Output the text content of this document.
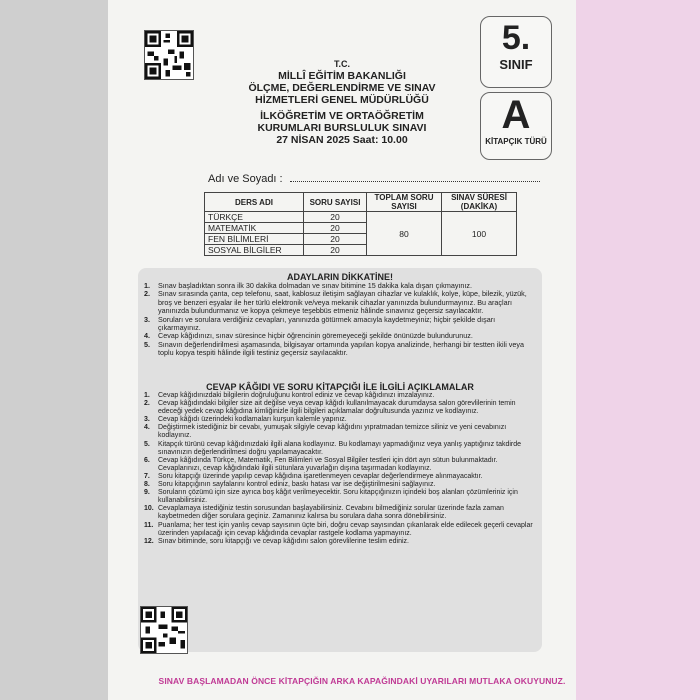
T.C.
MİLLÎ EĞİTİM BAKANLIĞI
ÖLÇME, DEĞERLENDİRME VE SINAV
HİZMETLERİ GENEL MÜDÜRLÜĞÜ
İLKÖĞRETİM VE ORTAÖĞRETİM
KURUMLARI BURSLULUK SINAVI
27 NİSAN 2025 Saat: 10.00
5.
SINIF
A
KİTAPÇIK TÜRÜ
Adı ve Soyadı :
DERS ADI	SORU SAYISI	TOPLAM SORU SAYISI	SINAV SÜRESİ (DAKİKA)
TÜRKÇE	20	80	100
MATEMATİK	20		
FEN BİLİMLERİ	20		
SOSYAL BİLGİLER	20		
ADAYLARIN DİKKATİNE!
1. Sınav başladıktan sonra ilk 30 dakika dolmadan ve sınav bitimine 15 dakika kala dışarı çıkmayınız.
2. Sınav sırasında çanta, cep telefonu, saat, kablosuz iletişim sağlayan cihazlar ve kulaklık, kolye, küpe, bilezik, yüzük, broş ve benzeri eşyalar ile her türlü elektronik ve/veya mekanik cihazlar yanınızda bulundurmayınız. Bu araçları yanınızda bulundurmanız ve kopya çekmeye teşebbüs etmeniz hâlinde sınavınız geçersiz sayılacaktır.
3. Soruları ve sorulara verdiğiniz cevapları, yanınızda götürmek amacıyla kaydetmeyiniz; hiçbir şekilde dışarı çıkarmayınız.
4. Cevap kâğıdınızı, sınav süresince hiçbir öğrencinin göremeyeceği şekilde önünüzde bulundurunuz.
5. Sınavın değerlendirilmesi aşamasında, bilgisayar ortamında yapılan kopya analizinde, herhangi bir testten ikili veya toplu kopya tespiti hâlinde ilgili testiniz geçersiz sayılacaktır.
CEVAP KÂĞIDI VE SORU KİTAPÇIĞI İLE İLGİLİ AÇIKLAMALAR
1. Cevap kâğıdınızdaki bilgilerin doğruluğunu kontrol ediniz ve cevap kâğıdınızı imzalayınız.
2. Cevap kâğıdındaki bilgiler size ait değilse veya cevap kâğıdı kullanılmayacak durumdaysa salon görevlilerinin temin edeceği yedek cevap kâğıdına kimliğinizle ilgili bilgileri açıklamalar doğrultusunda yazınız ve kodlayınız.
3. Cevap kâğıdı üzerindeki kodlamaları kurşun kalemle yapınız.
4. Değiştirmek istediğiniz bir cevabı, yumuşak silgiyle cevap kâğıdını yıpratmadan temizce siliniz ve yeni cevabınızı kodlayınız.
5. Kitapçık türünü cevap kâğıdınızdaki ilgili alana kodlayınız. Bu kodlamayı yapmadığınız veya yanlış yaptığınız takdirde sınavınızın değerlendirilmesi doğru yapılamayacaktır.
6. Cevap kâğıdında Türkçe, Matematik, Fen Bilimleri ve Sosyal Bilgiler testleri için dört ayrı sütun bulunmaktadır. Cevaplarınızı, cevap kâğıdındaki ilgili sütunlara yuvarlağın dışına taşırmadan kodlayınız.
7. Soru kitapçığı üzerinde yapılıp cevap kâğıdına işaretlenmeyen cevaplar değerlendirmeye alınmayacaktır.
8. Soru kitapçığının sayfalarını kontrol ediniz, baskı hatası var ise değiştirilmesini sağlayınız.
9. Soruların çözümü için size ayrıca boş kâğıt verilmeyecektir. Soru kitapçığınızın içindeki boş alanları çözümleriniz için kullanabilirsiniz.
10. Cevaplamaya istediğiniz testin sorusundan başlayabilirsiniz. Cevabını bilmediğiniz sorular üzerinde fazla zaman kaybetmeden diğer sorulara geçiniz. Zamanınız kalırsa bu sorulara daha sonra dönebilirsiniz.
11. Puanlama; her test için yanlış cevap sayısının üçte biri, doğru cevap sayısından çıkarılarak elde edilecek geçerli cevaplar üzerinden yapılacağı için cevap kâğıdında cevaplar rastgele kodlama yapmayınız.
12. Sınav bitiminde, soru kitapçığı ve cevap kâğıdını salon görevlilerine teslim ediniz.
SINAV BAŞLAMADAN ÖNCE KİTAPÇIĞIN ARKA KAPAĞINDAKİ UYARILARI MUTLAKA OKUYUNUZ.
